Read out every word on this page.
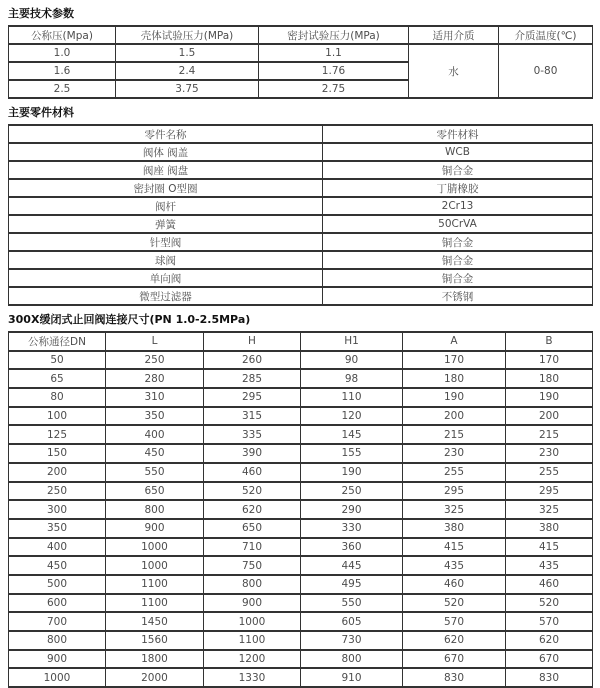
主要技术参数
公称压(Mpa)	壳体试验压力(MPa)	密封试验压力(MPa)	适用介质	介质温度(℃)
1.0	1.5	1.1	水	0-80
1.6	2.4	1.76		
2.5	3.75	2.75		
主要零件材料
零件名称	零件材料
阀体 阀盖	WCB
阀座 阀盘	铜合金
密封圈 O型圈	丁腈橡胶
阀杆	2Cr13
弹簧	50CrVA
针型阀	铜合金
球阀	铜合金
单向阀	铜合金
微型过滤器	不锈钢
300X缓闭式止回阀连接尺寸(PN 1.0-2.5MPa)
公称通径DN	L	H	H1	A	B
50	250	260	90	170	170
65	280	285	98	180	180
80	310	295	110	190	190
100	350	315	120	200	200
125	400	335	145	215	215
150	450	390	155	230	230
200	550	460	190	255	255
250	650	520	250	295	295
300	800	620	290	325	325
350	900	650	330	380	380
400	1000	710	360	415	415
450	1000	750	445	435	435
500	1100	800	495	460	460
600	1100	900	550	520	520
700	1450	1000	605	570	570
800	1560	1100	730	620	620
900	1800	1200	800	670	670
1000	2000	1330	910	830	830
